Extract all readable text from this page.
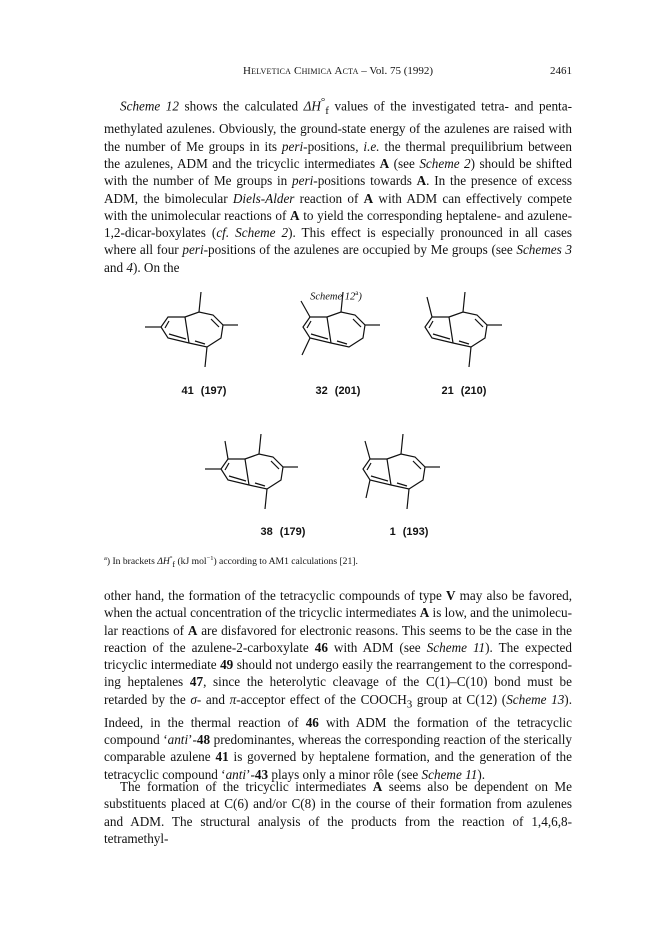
Helvetica Chimica Acta – Vol. 75 (1992)	2461

Scheme 12 shows the calculated $\Delta H^\circ_f$ values of the investigated tetra- and penta-methylated azulenes. Obviously, the ground-state energy of the azulenes are raised with the number of Me groups in its peri-positions, i.e. the thermal prequilibrium between the azulenes, ADM and the tricyclic intermediates A (see Scheme 2) should be shifted with the number of Me groups in peri-positions towards A. In the presence of excess ADM, the bimolecular Diels-Alder reaction of A with ADM can effectively compete with the unimolecular reactions of A to yield the corresponding heptalene- and azulene-1,2-dicar-boxylates (cf. Scheme 2). This effect is especially pronounced in all cases where all four peri-positions of the azulenes are occupied by Me groups (see Schemes 3 and 4). On the

Scheme 12$^a$)
41 (197)	32 (201)	21 (210)
38 (179)	1 (193)
$^a$) In brackets $\Delta H^\circ_f$ (kJ mol$^{-1}$) according to AM1 calculations [21].

other hand, the formation of the tetracyclic compounds of type V may also be favored, when the actual concentration of the tricyclic intermediates A is low, and the unimolecu-lar reactions of A are disfavored for electronic reasons. This seems to be the case in the reaction of the azulene-2-carboxylate 46 with ADM (see Scheme 11). The expected tricyclic intermediate 49 should not undergo easily the rearrangement to the correspond-ing heptalenes 47, since the heterolytic cleavage of the C(1)–C(10) bond must be retarded by the σ- and π-acceptor effect of the $COOCH_3$ group at C(12) (Scheme 13). Indeed, in the thermal reaction of 46 with ADM the formation of the tetracyclic compound ‘anti’-48 predominantes, whereas the corresponding reaction of the sterically comparable azulene 41 is governed by heptalene formation, and the generation of the tetracyclic compound ‘anti’-43 plays only a minor rôle (see Scheme 11).

The formation of the tricyclic intermediates A seems also be dependent on Me substituents placed at C(6) and/or C(8) in the course of their formation from azulenes and ADM. The structural analysis of the products from the reaction of 1,4,6,8-tetramethyl-
